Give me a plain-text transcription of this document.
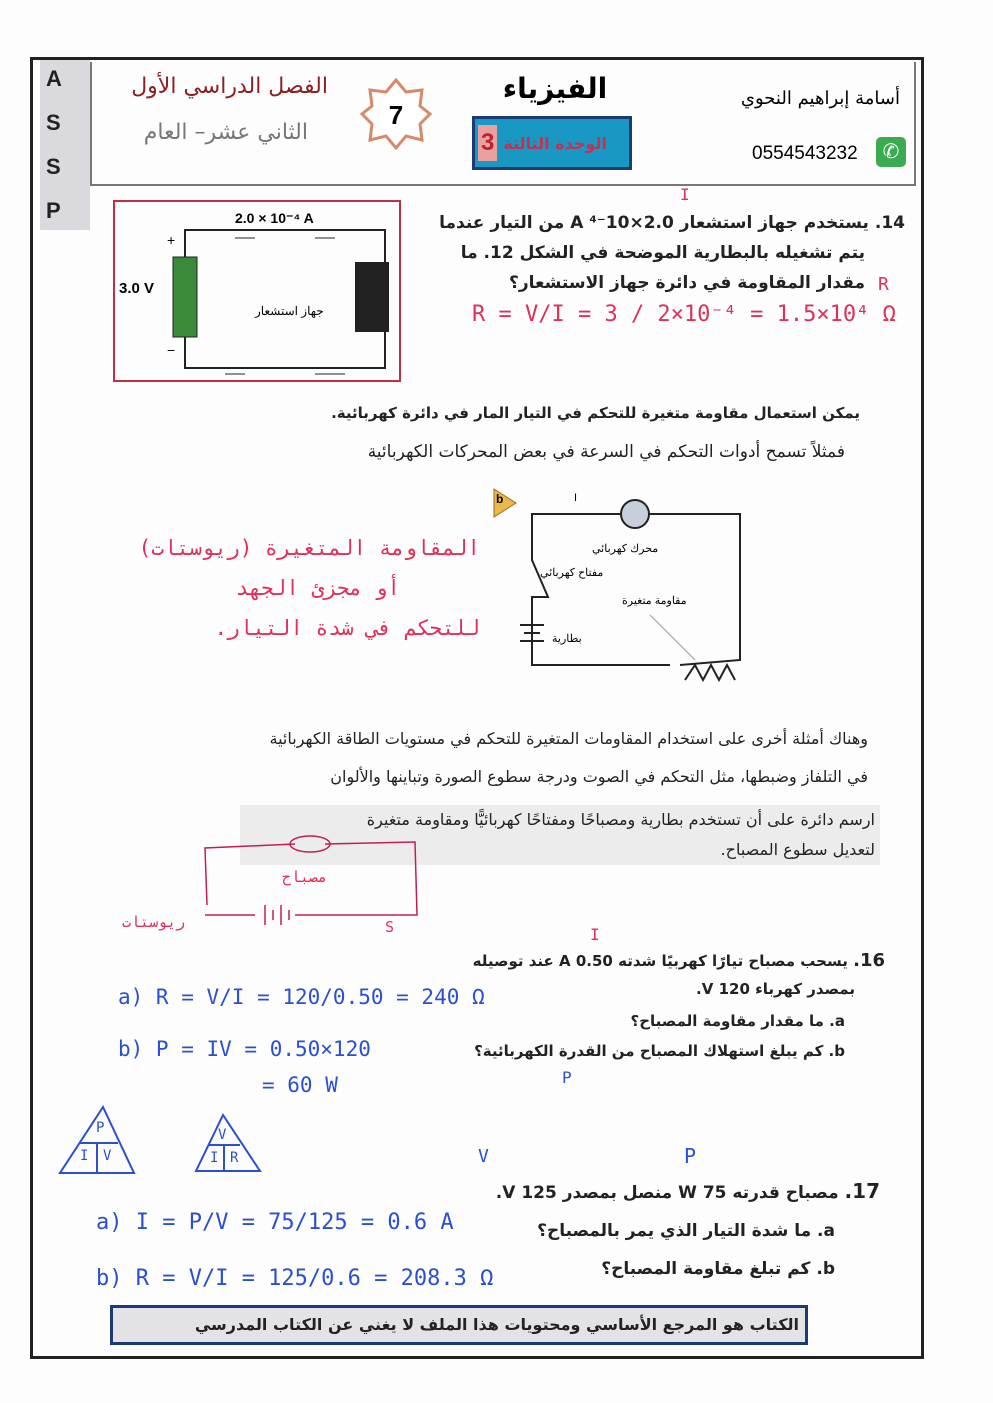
A
S
S
P
الفصل الدراسي الأول
الثاني عشر– العام
7
الفيزياء
3 الوحدة الثالثة
أسامة إبراهيم النحوي
0554543232	✆
2.0 × 10⁻⁴ A
3.0 V
+
−
جهاز استشعار
14. يستخدم جهاز استشعار 2.0×10⁻⁴ A من التيار عندما
يتم تشغيله بالبطارية الموضحة في الشكل 12. ما
مقدار المقاومة في دائرة جهاز الاستشعار؟
I
R
R = V/I = 3 / 2×10⁻⁴ = 1.5×10⁴ Ω
يمكن استعمال مقاومة متغيرة للتحكم في التيار المار في دائرة كهربائية.
فمثلاً تسمح أدوات التحكم في السرعة في بعض المحركات الكهربائية
b
محرك كهربائي
مفتاح كهربائي
مقاومة متغيرة
بطارية
I
المقاومة المتغيرة (ريوستات)
أو مجزئ الجهد
للتحكم في شدة التيار.
وهناك أمثلة أخرى على استخدام المقاومات المتغيرة للتحكم في مستويات الطاقة الكهربائية
في التلفاز وضبطها، مثل التحكم في الصوت ودرجة سطوع الصورة وتباينها والألوان
ارسم دائرة على أن تستخدم بطارية ومصباحًا ومفتاحًا كهربائيًّا ومقاومة متغيرة
لتعديل سطوع المصباح.
مصباح
ريوستات	S
16. يسحب مصباح تيارًا كهربيًا شدته 0.50 A عند توصيله
بمصدر كهرباء 120 V.
a. ما مقدار مقاومة المصباح؟
b. كم يبلغ استهلاك المصباح من القدرة الكهربائية؟
I
P
a) R = V/I = 120/0.50 = 240 Ω
b) P = IV = 0.50×120
= 60 W
P
I V
V
I R	V	P
17. مصباح قدرته 75 W منصل بمصدر 125 V.
a. ما شدة التيار الذي يمر بالمصباح؟
b. كم تبلغ مقاومة المصباح؟
a) I = P/V = 75/125 = 0.6 A
b) R = V/I = 125/0.6 = 208.3 Ω
الكتاب هو المرجع الأساسي ومحتويات هذا الملف لا يغني عن الكتاب المدرسي
